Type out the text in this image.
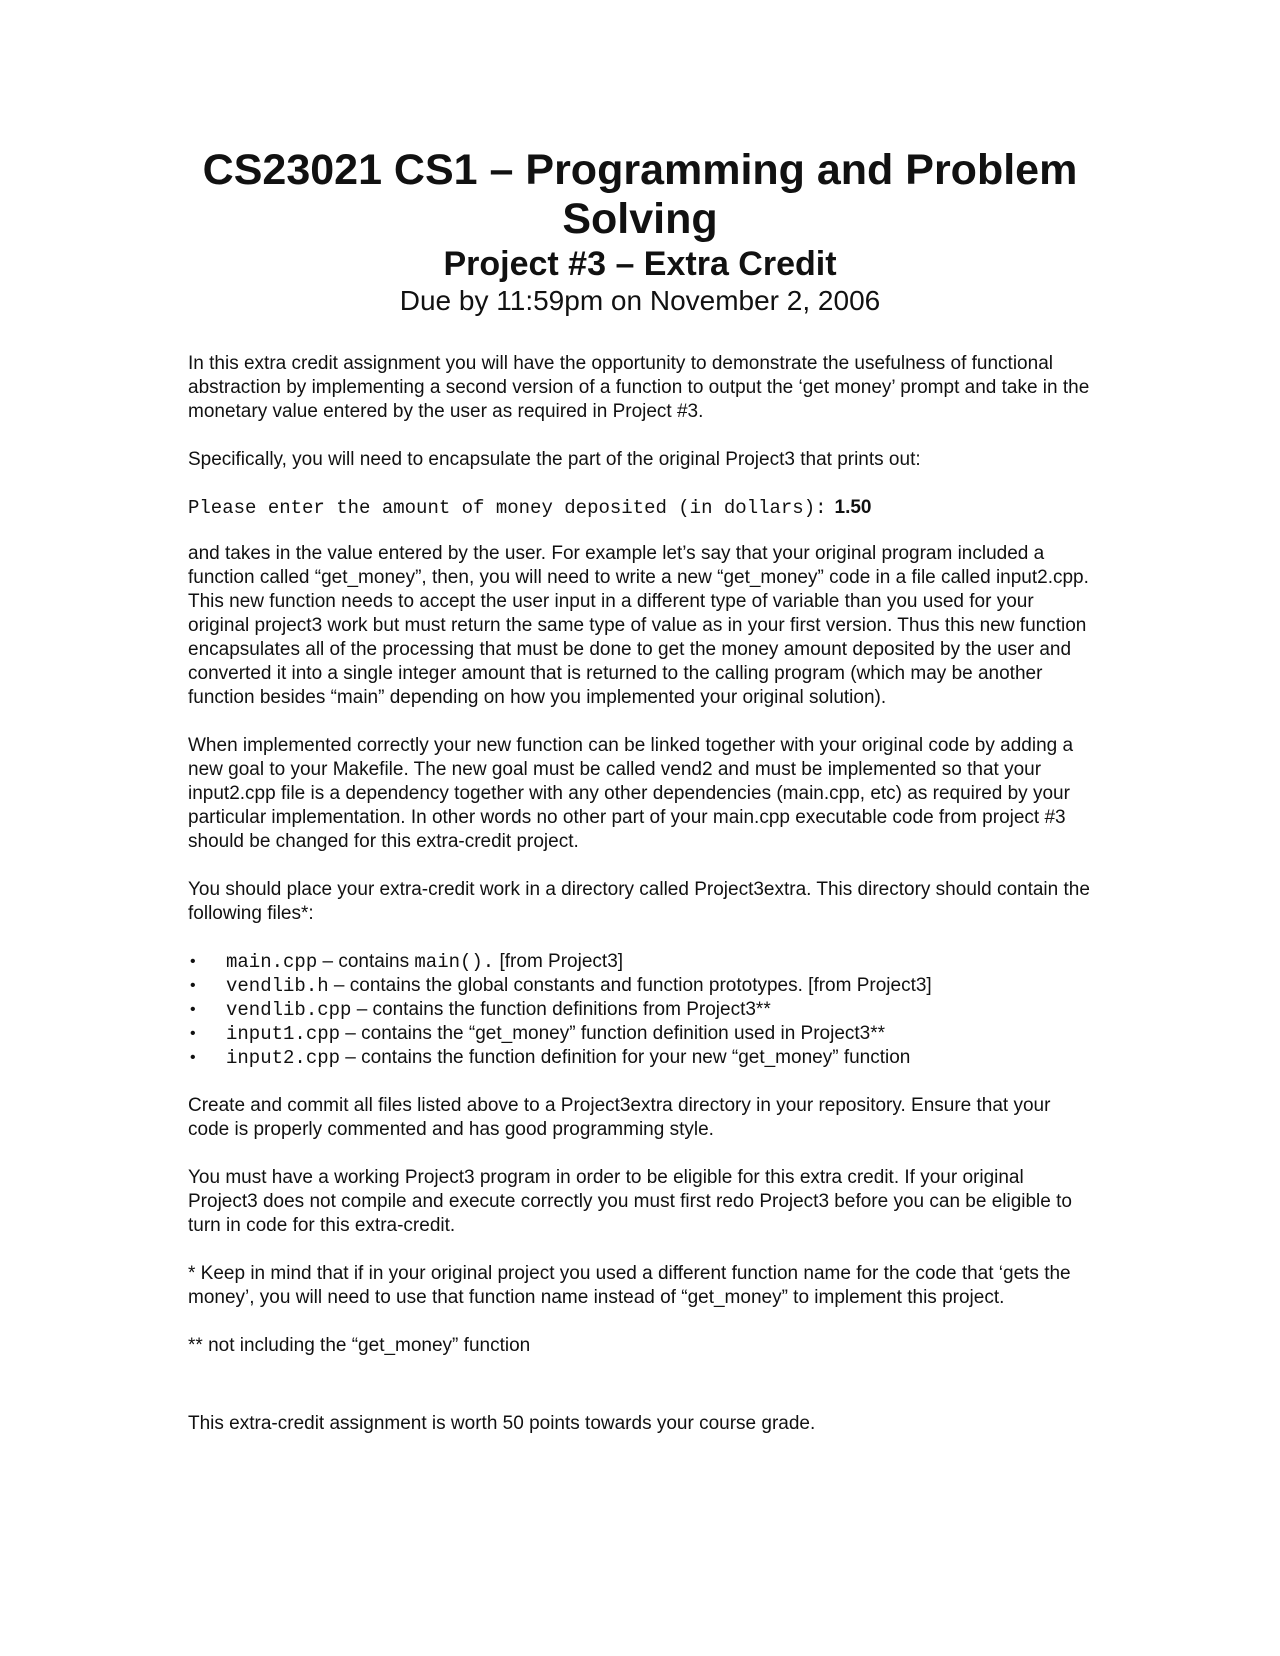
CS23021 CS1 – Programming and Problem Solving
Project #3 – Extra Credit
Due by 11:59pm on November 2, 2006

In this extra credit assignment you will have the opportunity to demonstrate the usefulness of functional abstraction by implementing a second version of a function to output the ‘get money’ prompt and take in the monetary value entered by the user as required in Project #3.

Specifically, you will need to encapsulate the part of the original Project3 that prints out:

Please enter the amount of money deposited (in dollars): 1.50

and takes in the value entered by the user. For example let’s say that your original program included a function called “get_money”, then, you will need to write a new “get_money” code in a file called input2.cpp. This new function needs to accept the user input in a different type of variable than you used for your original project3 work but must return the same type of value as in your first version. Thus this new function encapsulates all of the processing that must be done to get the money amount deposited by the user and converted it into a single integer amount that is returned to the calling program (which may be another function besides “main” depending on how you implemented your original solution).

When implemented correctly your new function can be linked together with your original code by adding a new goal to your Makefile. The new goal must be called vend2 and must be implemented so that your input2.cpp file is a dependency together with any other dependencies (main.cpp, etc) as required by your particular implementation. In other words no other part of your main.cpp executable code from project #3 should be changed for this extra-credit project.

You should place your extra-credit work in a directory called Project3extra. This directory should contain the following files*:

• main.cpp – contains main(). [from Project3]
• vendlib.h – contains the global constants and function prototypes. [from Project3]
• vendlib.cpp – contains the function definitions from Project3**
• input1.cpp – contains the “get_money” function definition used in Project3**
• input2.cpp – contains the function definition for your new “get_money” function

Create and commit all files listed above to a Project3extra directory in your repository. Ensure that your code is properly commented and has good programming style.

You must have a working Project3 program in order to be eligible for this extra credit. If your original Project3 does not compile and execute correctly you must first redo Project3 before you can be eligible to turn in code for this extra-credit.

* Keep in mind that if in your original project you used a different function name for the code that ‘gets the money’, you will need to use that function name instead of “get_money” to implement this project.

** not including the “get_money” function

This extra-credit assignment is worth 50 points towards your course grade.
